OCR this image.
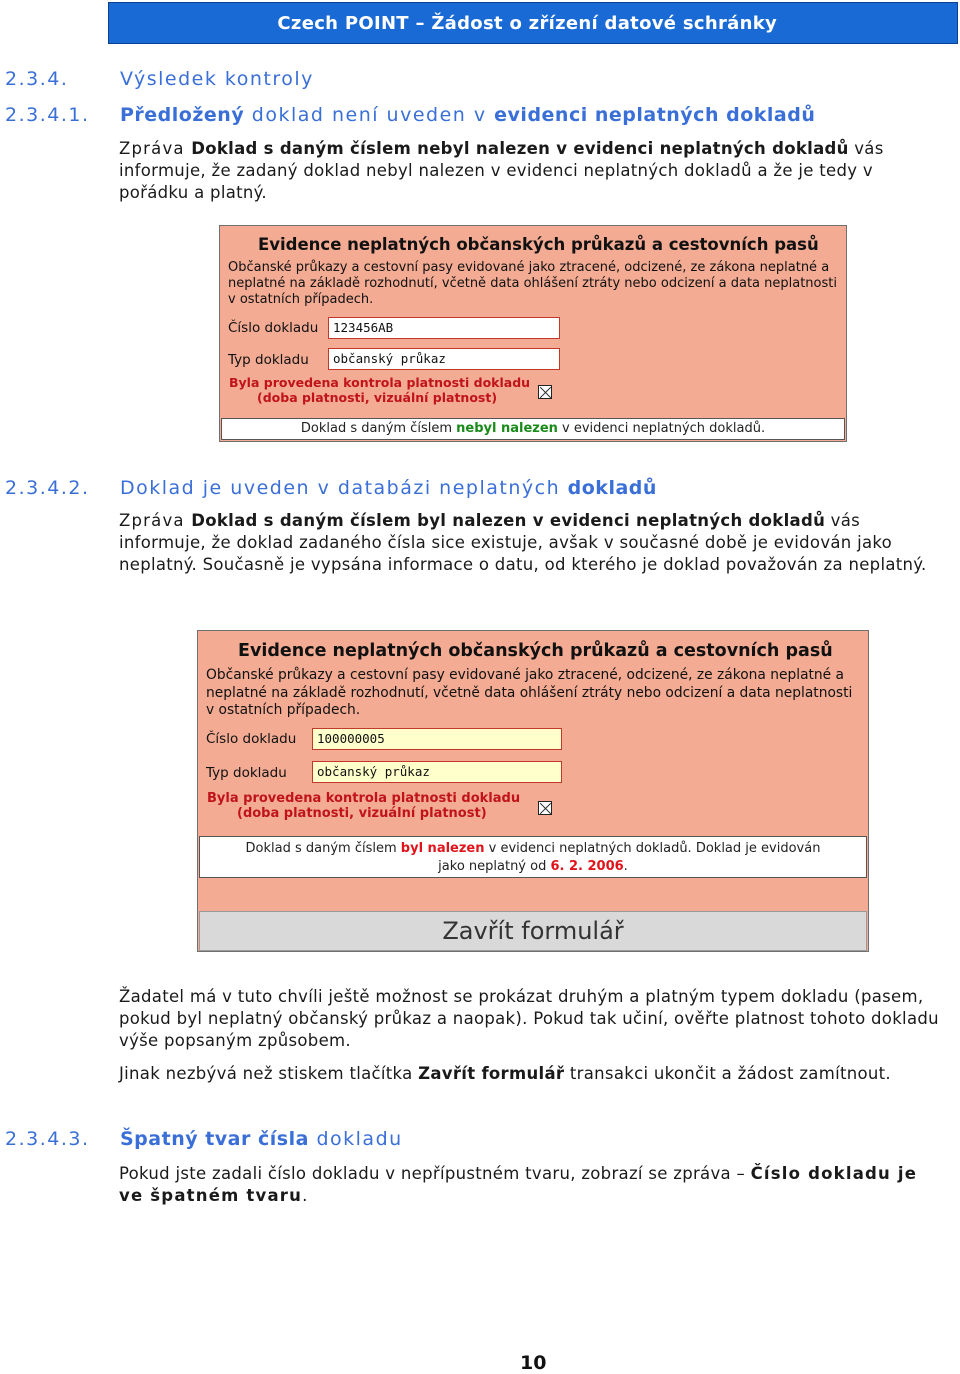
Czech POINT – Žádost o zřízení datové schránky
2.3.4.	Výsledek kontroly
2.3.4.1. Předložený doklad není uveden v evidenci neplatných dokladů
Zpráva Doklad s daným číslem nebyl nalezen v evidenci neplatných dokladů vás informuje, že zadaný doklad nebyl nalezen v evidenci neplatných dokladů a že je tedy v pořádku a platný.
Evidence neplatných občanských průkazů a cestovních pasů
Občanské průkazy a cestovní pasy evidované jako ztracené, odcizené, ze zákona neplatné a neplatné na základě rozhodnutí, včetně data ohlášení ztráty nebo odcizení a data neplatnosti v ostatních případech.
Číslo dokladu	123456AB
Typ dokladu	občanský průkaz
Byla provedena kontrola platnosti dokladu
(doba platnosti, vizuální platnost)
Doklad s daným číslem nebyl nalezen v evidenci neplatných dokladů.
2.3.4.2. Doklad je uveden v databázi neplatných dokladů
Zpráva Doklad s daným číslem byl nalezen v evidenci neplatných dokladů vás informuje, že doklad zadaného čísla sice existuje, avšak v současné době je evidován jako neplatný. Současně je vypsána informace o datu, od kterého je doklad považován za neplatný.
Evidence neplatných občanských průkazů a cestovních pasů
Občanské průkazy a cestovní pasy evidované jako ztracené, odcizené, ze zákona neplatné a neplatné na základě rozhodnutí, včetně data ohlášení ztráty nebo odcizení a data neplatnosti v ostatních případech.
Číslo dokladu	100000005
Typ dokladu	občanský průkaz
Byla provedena kontrola platnosti dokladu
(doba platnosti, vizuální platnost)
Doklad s daným číslem byl nalezen v evidenci neplatných dokladů. Doklad je evidován
jako neplatný od 6. 2. 2006.
Zavřít formulář
Žadatel má v tuto chvíli ještě možnost se prokázat druhým a platným typem dokladu (pasem, pokud byl neplatný občanský průkaz a naopak). Pokud tak učiní, ověřte platnost tohoto dokladu výše popsaným způsobem.
Jinak nezbývá než stiskem tlačítka Zavřít formulář transakci ukončit a žádost zamítnout.
2.3.4.3. Špatný tvar čísla dokladu
Pokud jste zadali číslo dokladu v nepřípustném tvaru, zobrazí se zpráva – Číslo dokladu je ve špatném tvaru.
10
